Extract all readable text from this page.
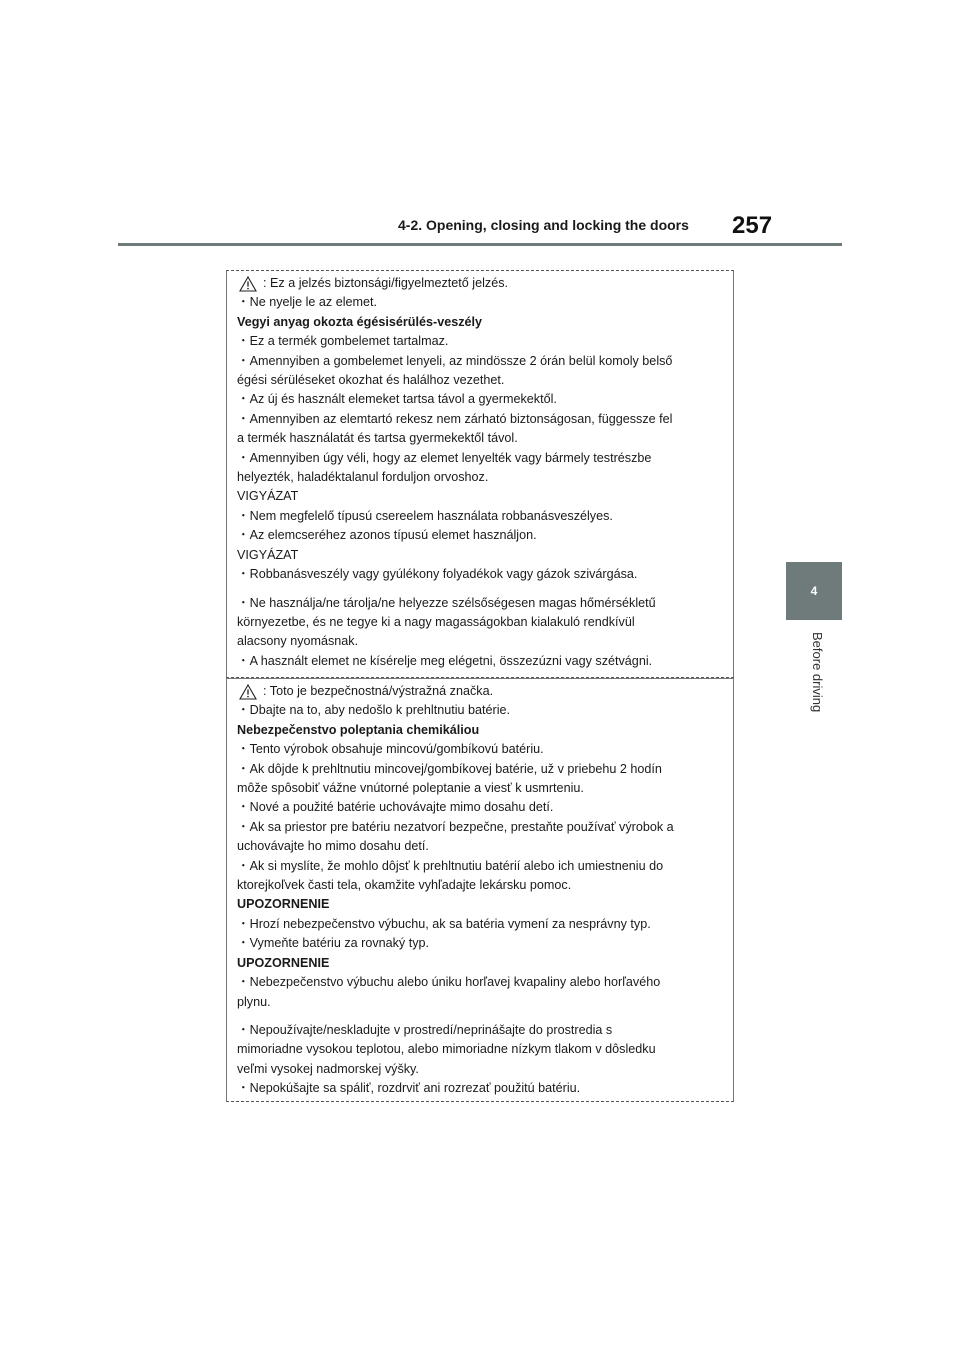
4-2. Opening, closing and locking the doors 257
4
Before driving
: Ez a jelzés biztonsági/figyelmeztető jelzés.
・Ne nyelje le az elemet.
Vegyi anyag okozta égésisérülés-veszély
・Ez a termék gombelemet tartalmaz.
・Amennyiben a gombelemet lenyeli, az mindössze 2 órán belül komoly belső
égési sérüléseket okozhat és halálhoz vezethet.
・Az új és használt elemeket tartsa távol a gyermekektől.
・Amennyiben az elemtartó rekesz nem zárható biztonságosan, függessze fel
a termék használatát és tartsa gyermekektől távol.
・Amennyiben úgy véli, hogy az elemet lenyelték vagy bármely testrészbe
helyezték, haladéktalanul forduljon orvoshoz.
VIGYÁZAT
・Nem megfelelő típusú csereelem használata robbanásveszélyes.
・Az elemcseréhez azonos típusú elemet használjon.
VIGYÁZAT
・Robbanásveszély vagy gyúlékony folyadékok vagy gázok szivárgása.
・Ne használja/ne tárolja/ne helyezze szélsőségesen magas hőmérsékletű
környezetbe, és ne tegye ki a nagy magasságokban kialakuló rendkívül
alacsony nyomásnak.
・A használt elemet ne kísérelje meg elégetni, összezúzni vagy szétvágni.
: Toto je bezpečnostná/výstražná značka.
・Dbajte na to, aby nedošlo k prehltnutiu batérie.
Nebezpečenstvo poleptania chemikáliou
・Tento výrobok obsahuje mincovú/gombíkovú batériu.
・Ak dôjde k prehltnutiu mincovej/gombíkovej batérie, už v priebehu 2 hodín
môže spôsobiť vážne vnútorné poleptanie a viesť k usmrteniu.
・Nové a použité batérie uchovávajte mimo dosahu detí.
・Ak sa priestor pre batériu nezatvorí bezpečne, prestaňte používať výrobok a
uchovávajte ho mimo dosahu detí.
・Ak si myslíte, že mohlo dôjsť k prehltnutiu batérií alebo ich umiestneniu do
ktorejkoľvek časti tela, okamžite vyhľadajte lekársku pomoc.
UPOZORNENIE
・Hrozí nebezpečenstvo výbuchu, ak sa batéria vymení za nesprávny typ.
・Vymeňte batériu za rovnaký typ.
UPOZORNENIE
・Nebezpečenstvo výbuchu alebo úniku horľavej kvapaliny alebo horľavého
plynu.
・Nepoužívajte/neskladujte v prostredí/neprinášajte do prostredia s
mimoriadne vysokou teplotou, alebo mimoriadne nízkym tlakom v dôsledku
veľmi vysokej nadmorskej výšky.
・Nepokúšajte sa spáliť, rozdrviť ani rozrezať použitú batériu.
